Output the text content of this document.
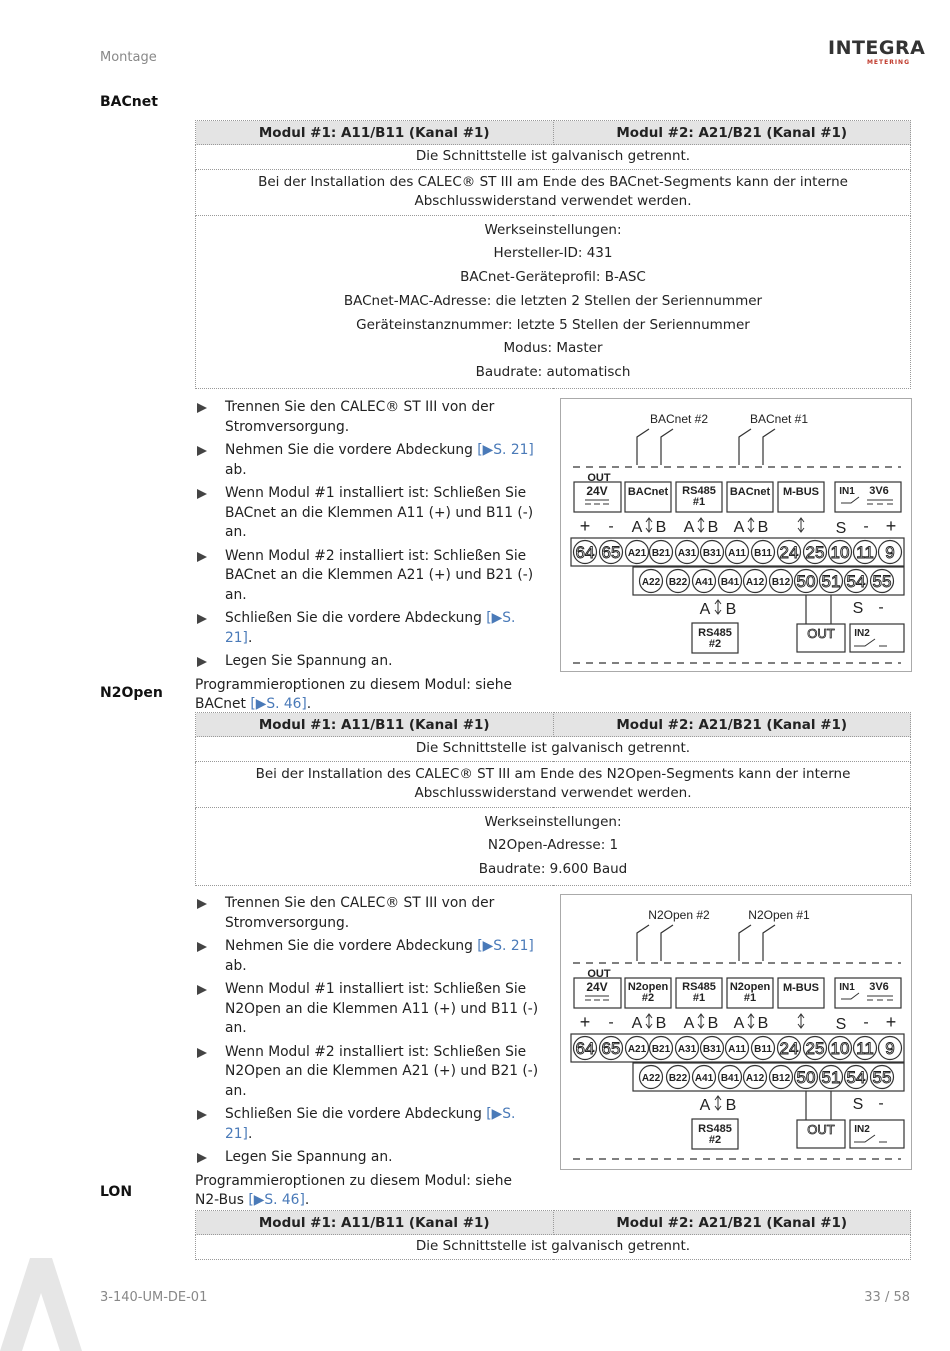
Montage	INTEGRA
METERING
BACnet
Modul #1: A11/B11 (Kanal #1)	Modul #2: A21/B21 (Kanal #1)
Die Schnittstelle ist galvanisch getrennt.
Bei der Installation des CALEC® ST III am Ende des BACnet-Segments kann der interne Abschlusswiderstand verwendet werden.

Werkseinstellungen:
Hersteller-ID: 431
BACnet-Geräteprofil: B-ASC
BACnet-MAC-Adresse: die letzten 2 Stellen der Seriennummer
Geräteinstanznummer: letzte 5 Stellen der Seriennummer
Modus: Master
Baudrate: automatisch
Trennen Sie den CALEC® ST III von der Stromversorgung.
Nehmen Sie die vordere Abdeckung [▶S. 21] ab.
Wenn Modul #1 installiert ist: Schließen Sie BACnet an die Klemmen A11 (+) und B11 (-) an.
Wenn Modul #2 installiert ist: Schließen Sie BACnet an die Klemmen A21 (+) und B21 (-) an.
Schließen Sie die vordere Abdeckung [▶S. 21].
Legen Sie Spannung an.
Programmieroptionen zu diesem Modul: siehe BACnet [▶S. 46].
BACnet #2	BACnet #1
OUT
24V BACnet RS485 #1
BACnet M-BUS IN1 3V6
+ - A B A B A B	S - +
64 65 A21 B21 A31 B31 A11 B11 24 25 10 11 9
A22 B22 A41 B41 A12 B12 50 51 54 55
A B	S -
RS485 #2
OUT IN2
N2Open
Modul #1: A11/B11 (Kanal #1)	Modul #2: A21/B21 (Kanal #1)
Die Schnittstelle ist galvanisch getrennt.
Bei der Installation des CALEC® ST III am Ende des N2Open-Segments kann der interne Abschlusswiderstand verwendet werden.

Werkseinstellungen:
N2Open-Adresse: 1
Baudrate: 9.600 Baud
Trennen Sie den CALEC® ST III von der Stromversorgung.
Nehmen Sie die vordere Abdeckung [▶S. 21] ab.
Wenn Modul #1 installiert ist: Schließen Sie N2Open an die Klemmen A11 (+) und B11 (-) an.
Wenn Modul #2 installiert ist: Schließen Sie N2Open an die Klemmen A21 (+) und B21 (-) an.
Schließen Sie die vordere Abdeckung [▶S. 21].
Legen Sie Spannung an.
Programmieroptionen zu diesem Modul: siehe N2-Bus [▶S. 46].
N2Open #2	N2Open #1
OUT
24V N2open #2
RS485 #1
N2open #1
M-BUS IN1 3V6
+ - A B A B A B	S - +
64 65 A21 B21 A31 B31 A11 B11 24 25 10 11 9
A22 B22 A41 B41 A12 B12 50 51 54 55
A B	S -
RS485 #2
OUT IN2
LON
Modul #1: A11/B11 (Kanal #1)	Modul #2: A21/B21 (Kanal #1)
Die Schnittstelle ist galvanisch getrennt.
3-140-UM-DE-01	33 / 58
